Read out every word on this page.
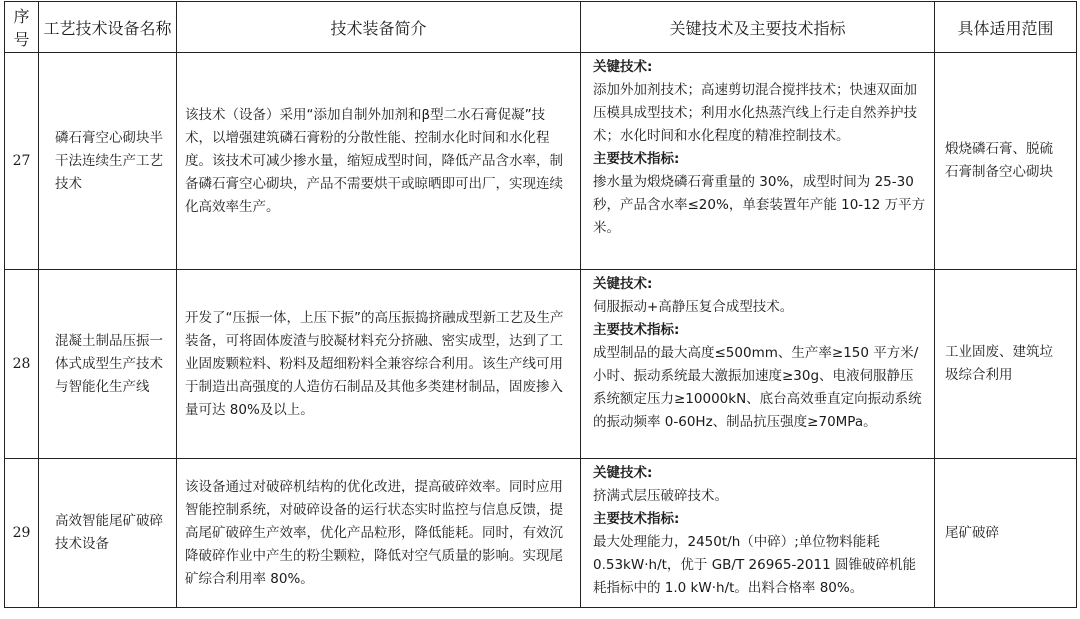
序号	工艺技术设备名称	技术装备简介	关键技术及主要技术指标	具体适用范围
27	磷石膏空心砌块半干法连续生产工艺技术	该技术（设备）采用“添加自制外加剂和β型二水石膏促凝”技术，以增强建筑磷石膏粉的分散性能、控制水化时间和水化程度。该技术可减少掺水量，缩短成型时间，降低产品含水率，制备磷石膏空心砌块，产品不需要烘干或晾晒即可出厂，实现连续化高效率生产。	关键技术:
添加外加剂技术；高速剪切混合搅拌技术；快速双面加压模具成型技术；利用水化热蒸汽线上行走自然养护技术；水化时间和水化程度的精准控制技术。
主要技术指标:
掺水量为煅烧磷石膏重量的 30%，成型时间为 25-30 秒，产品含水率≤20%，单套装置年产能 10-12 万平方米。	煅烧磷石膏、脱硫石膏制备空心砌块
28	混凝土制品压振一体式成型生产技术与智能化生产线	开发了“压振一体，上压下振”的高压振捣挤融成型新工艺及生产装备，可将固体废渣与胶凝材料充分挤融、密实成型，达到了工业固废颗粒料、粉料及超细粉料全兼容综合利用。该生产线可用于制造出高强度的人造仿石制品及其他多类建材制品，固废掺入量可达 80%及以上。	关键技术:
伺服振动+高静压复合成型技术。
主要技术指标:
成型制品的最大高度≤500mm、生产率≥150 平方米/小时、振动系统最大激振加速度≥30g、电液伺服静压系统额定压力≥10000kN、底台高效垂直定向振动系统的振动频率 0-60Hz、制品抗压强度≥70MPa。	工业固废、建筑垃圾综合利用
29	高效智能尾矿破碎技术设备	该设备通过对破碎机结构的优化改进，提高破碎效率。同时应用智能控制系统，对破碎设备的运行状态实时监控与信息反馈，提高尾矿破碎生产效率，优化产品粒形，降低能耗。同时，有效沉降破碎作业中产生的粉尘颗粒，降低对空气质量的影响。实现尾矿综合利用率 80%。	关键技术:
挤满式层压破碎技术。
主要技术指标:
最大处理能力，2450t/h（中碎）;单位物料能耗 0.53kW·h/t，优于 GB/T 26965-2011 圆锥破碎机能耗指标中的 1.0 kW·h/t。出料合格率 80%。	尾矿破碎
